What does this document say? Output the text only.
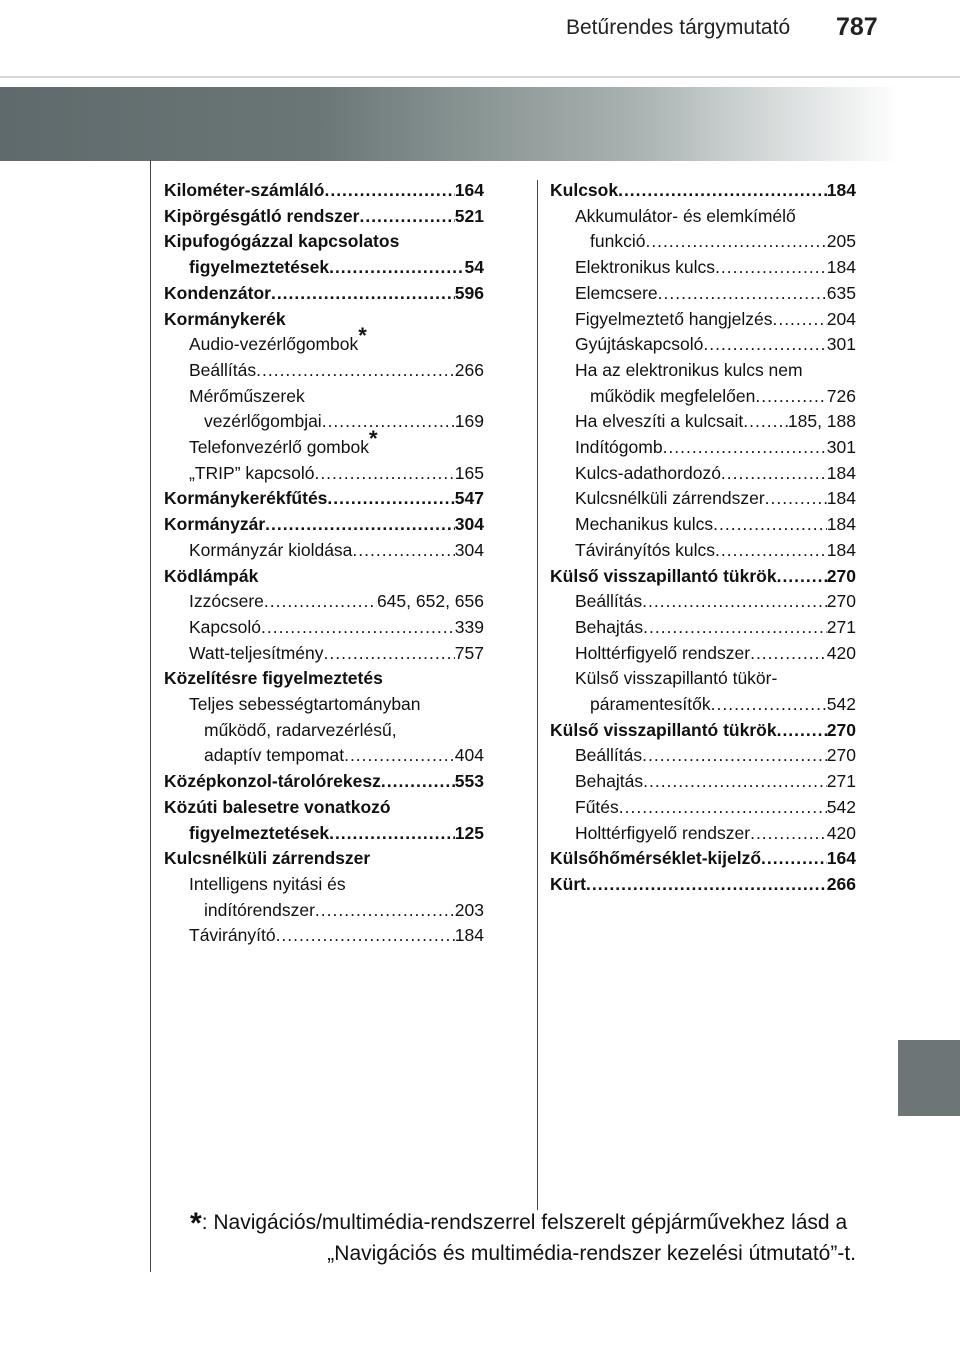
Betűrendes tárgymutató 787
Kilométer-számláló .....	164
Kipörgésgátló rendszer .....	521
Kipufogógázzal kapcsolatos
figyelmeztetések .....	54
Kondenzátor .....	596
Kormánykerék
Audio-vezérlőgombok*
Beállítás .....	266
Mérőműszerek
vezérlőgombjai .....	169
Telefonvezérlő gombok*
„TRIP” kapcsoló .....	165
Kormánykerékfűtés .....	547
Kormányzár .....	304
Kormányzár kioldása .....	304
Ködlámpák
Izzócsere .....	645, 652, 656
Kapcsoló .....	339
Watt-teljesítmény .....	757
Közelítésre figyelmeztetés
Teljes sebességtartományban
működő, radarvezérlésű,
adaptív tempomat .....	404
Középkonzol-tárolórekesz .....	553
Közúti balesetre vonatkozó
figyelmeztetések .....	125
Kulcsnélküli zárrendszer
Intelligens nyitási és
indítórendszer .....	203
Távirányító .....	184
Kulcsok .....	184
Akkumulátor- és elemkímélő
funkció .....	205
Elektronikus kulcs .....	184
Elemcsere .....	635
Figyelmeztető hangjelzés .....	204
Gyújtáskapcsoló .....	301
Ha az elektronikus kulcs nem
működik megfelelően .....	726
Ha elveszíti a kulcsait .....	185, 188
Indítógomb .....	301
Kulcs-adathordozó .....	184
Kulcsnélküli zárrendszer .....	184
Mechanikus kulcs .....	184
Távirányítós kulcs .....	184
Külső visszapillantó tükrök .....	270
Beállítás .....	270
Behajtás .....	271
Holttérfigyelő rendszer .....	420
Külső visszapillantó tükör-
páramentesítők .....	542
Külső visszapillantó tükrök .....	270
Beállítás .....	270
Behajtás .....	271
Fűtés .....	542
Holttérfigyelő rendszer .....	420
Külsőhőmérséklet-kijelző .....	164
Kürt .....	266
*: Navigációs/multimédia-rendszerrel felszerelt gépjárművekhez lásd a
„Navigációs és multimédia-rendszer kezelési útmutató”-t.
